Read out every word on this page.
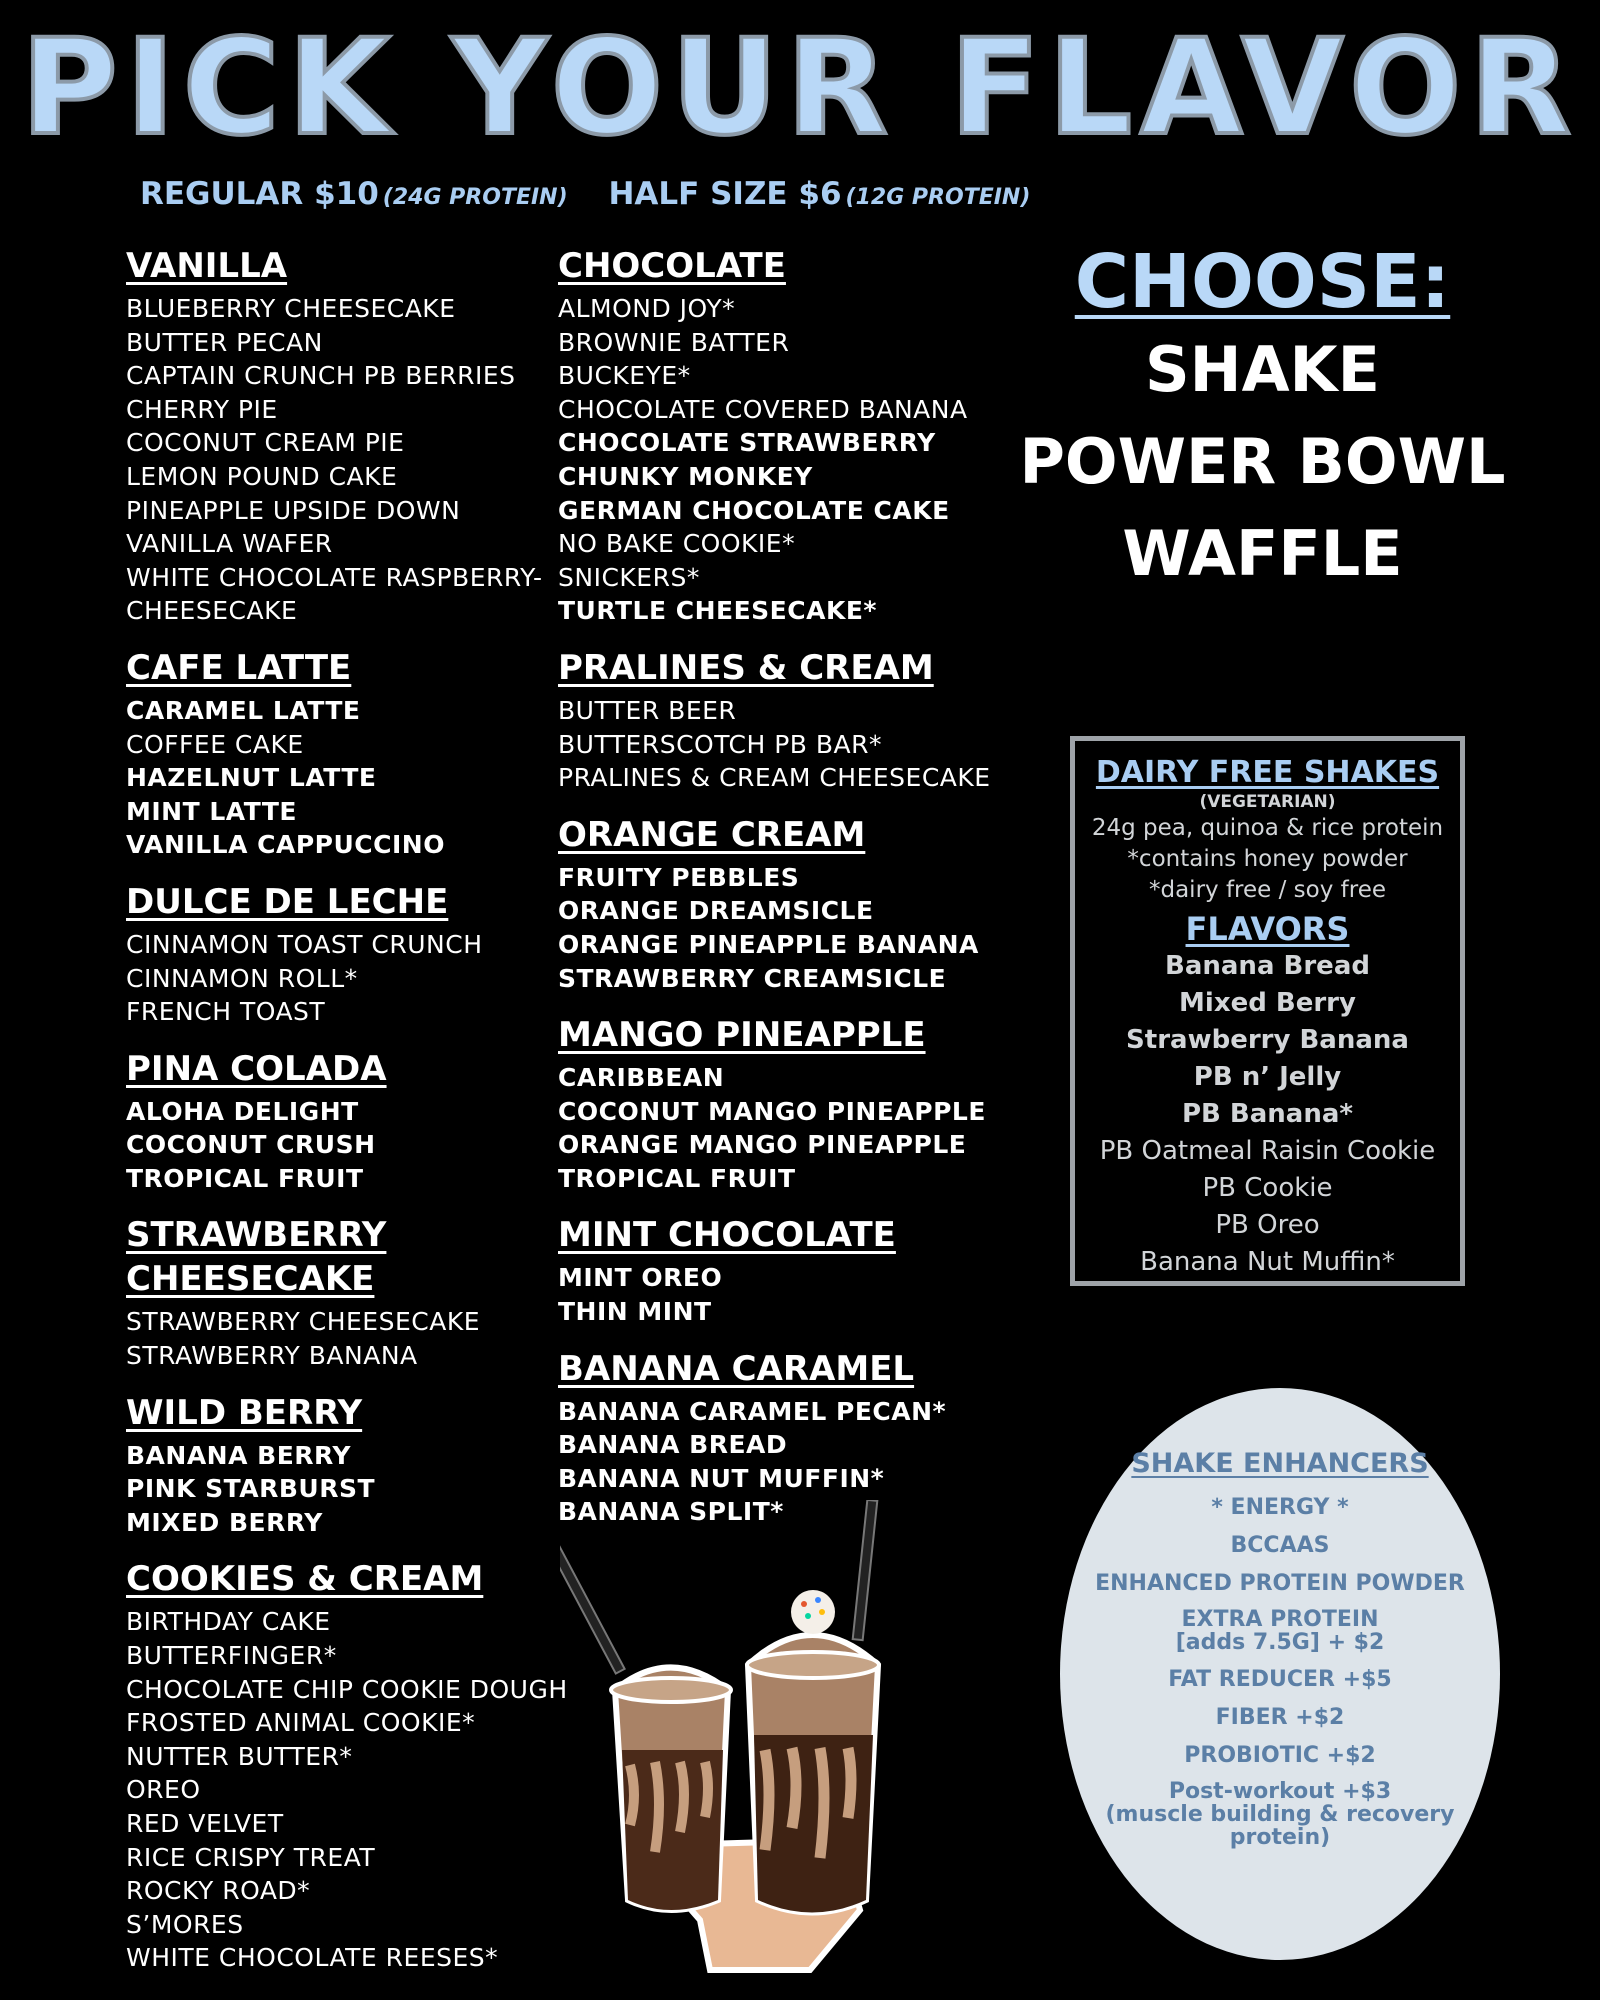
PICK YOUR FLAVOR
REGULAR $10 (24G PROTEIN) HALF SIZE $6 (12G PROTEIN)
VANILLA
BLUEBERRY CHEESECAKE
BUTTER PECAN
CAPTAIN CRUNCH PB BERRIES
CHERRY PIE
COCONUT CREAM PIE
LEMON POUND CAKE
PINEAPPLE UPSIDE DOWN
VANILLA WAFER
WHITE CHOCOLATE RASPBERRY-
CHEESECAKE
CAFE LATTE
CARAMEL LATTE
COFFEE CAKE
HAZELNUT LATTE
MINT LATTE
VANILLA CAPPUCCINO
DULCE DE LECHE
CINNAMON TOAST CRUNCH
CINNAMON ROLL*
FRENCH TOAST
PINA COLADA
ALOHA DELIGHT
COCONUT CRUSH
TROPICAL FRUIT
STRAWBERRY CHEESECAKE
STRAWBERRY CHEESECAKE
STRAWBERRY BANANA
WILD BERRY
BANANA BERRY
PINK STARBURST
MIXED BERRY
COOKIES & CREAM
BIRTHDAY CAKE
BUTTERFINGER*
CHOCOLATE CHIP COOKIE DOUGH
FROSTED ANIMAL COOKIE*
NUTTER BUTTER*
OREO
RED VELVET
RICE CRISPY TREAT
ROCKY ROAD*
S’MORES
WHITE CHOCOLATE REESES*
CHOCOLATE
ALMOND JOY*
BROWNIE BATTER
BUCKEYE*
CHOCOLATE COVERED BANANA
CHOCOLATE STRAWBERRY
CHUNKY MONKEY
GERMAN CHOCOLATE CAKE
NO BAKE COOKIE*
SNICKERS*
TURTLE CHEESECAKE*
PRALINES & CREAM
BUTTER BEER
BUTTERSCOTCH PB BAR*
PRALINES & CREAM CHEESECAKE
ORANGE CREAM
FRUITY PEBBLES
ORANGE DREAMSICLE
ORANGE PINEAPPLE BANANA
STRAWBERRY CREAMSICLE
MANGO PINEAPPLE
CARIBBEAN
COCONUT MANGO PINEAPPLE
ORANGE MANGO PINEAPPLE
TROPICAL FRUIT
MINT CHOCOLATE
MINT OREO
THIN MINT
BANANA CARAMEL
BANANA CARAMEL PECAN*
BANANA BREAD
BANANA NUT MUFFIN*
BANANA SPLIT*
CHOOSE:
SHAKE
POWER BOWL
WAFFLE
DAIRY FREE SHAKES
(VEGETARIAN)
24g pea, quinoa & rice protein
*contains honey powder
*dairy free / soy free
FLAVORS
Banana Bread
Mixed Berry
Strawberry Banana
PB n’ Jelly
PB Banana*
PB Oatmeal Raisin Cookie
PB Cookie
PB Oreo
Banana Nut Muffin*
SHAKE ENHANCERS
* ENERGY *
BCCAAS
ENHANCED PROTEIN POWDER
EXTRA PROTEIN
[adds 7.5G] + $2
FAT REDUCER +$5
FIBER +$2
PROBIOTIC +$2
Post-workout +$3
(muscle building & recovery
protein)
